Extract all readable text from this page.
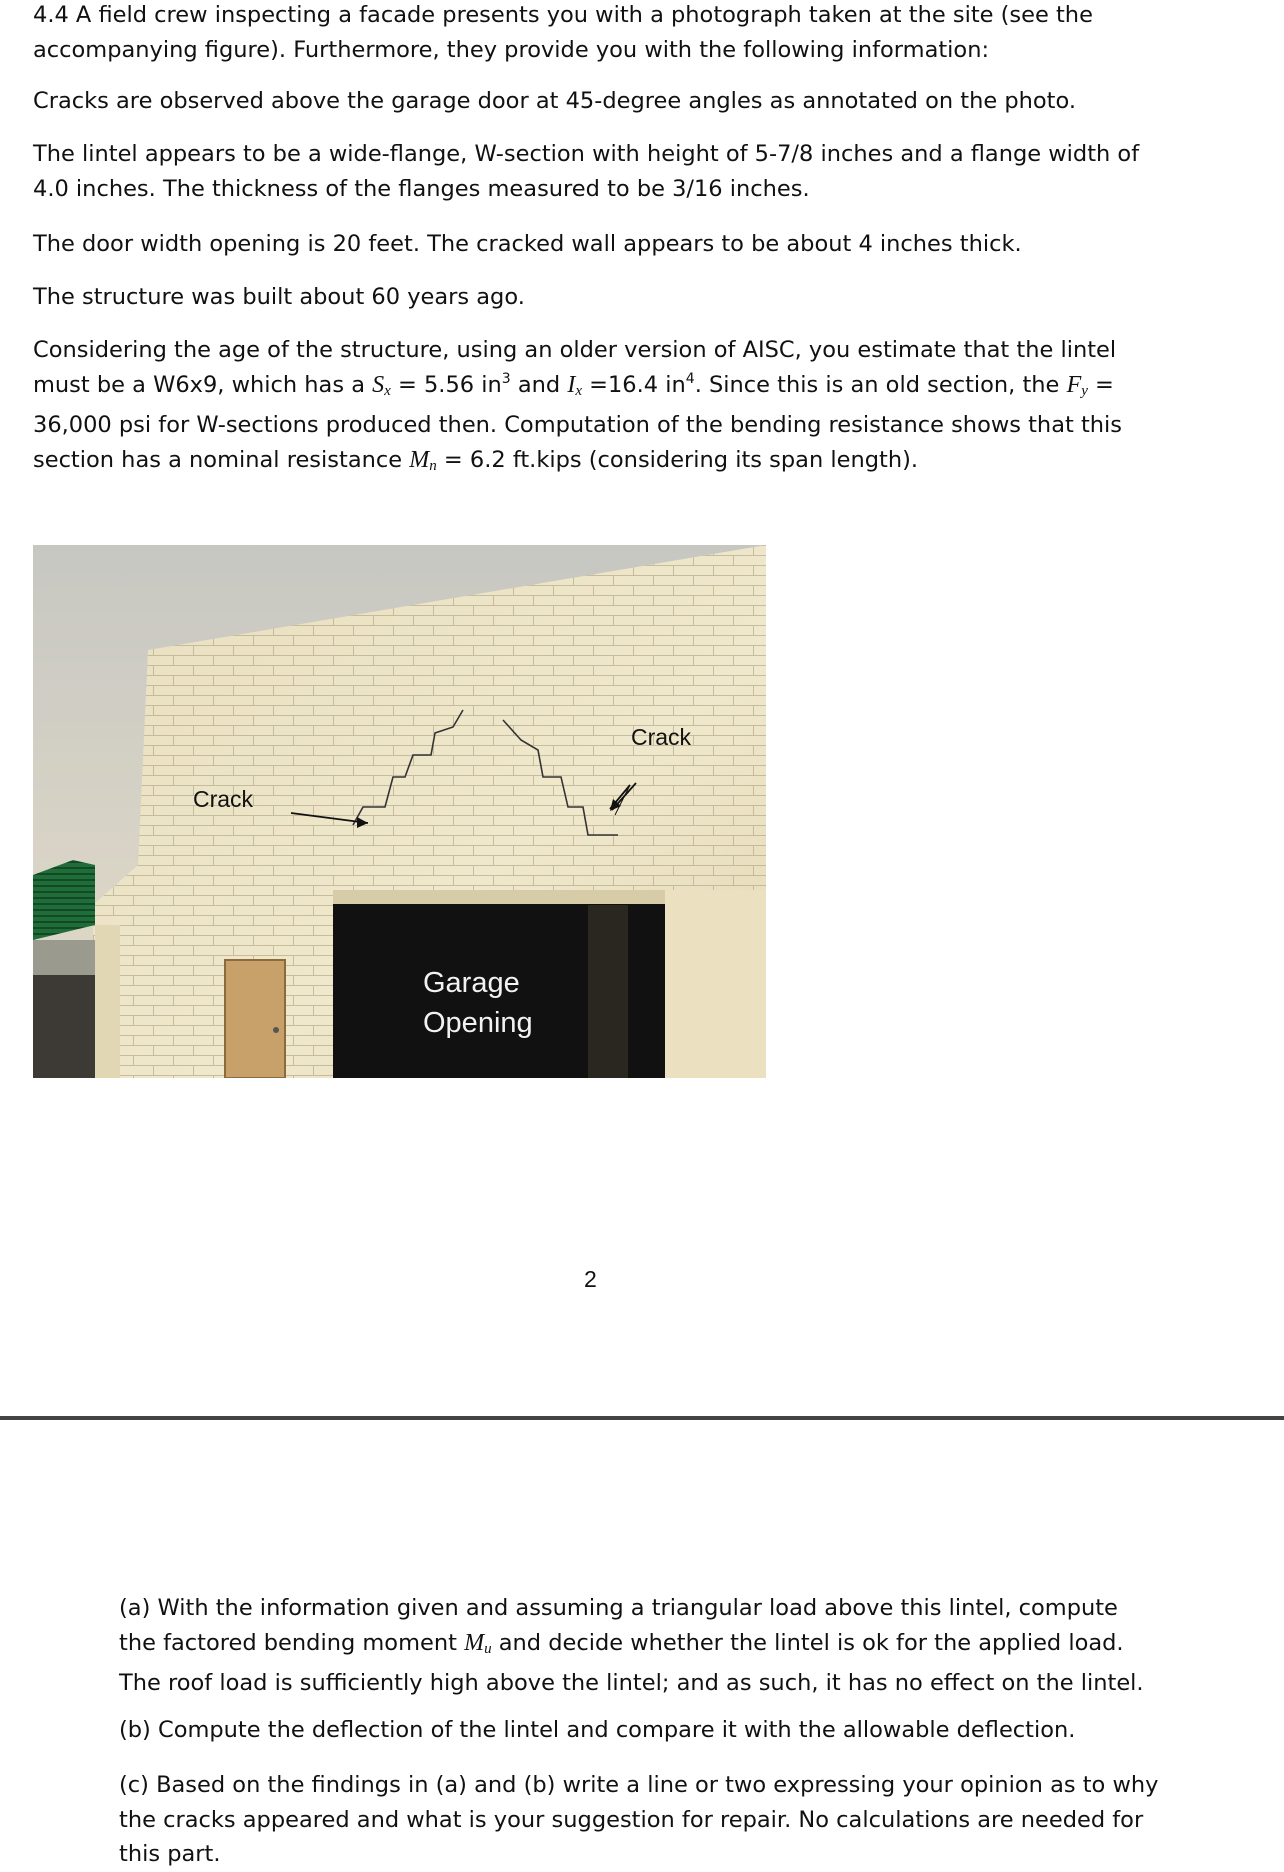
4.4 A field crew inspecting a facade presents you with a photograph taken at the site (see the accompanying figure). Furthermore, they provide you with the following information:

Cracks are observed above the garage door at 45-degree angles as annotated on the photo.

The lintel appears to be a wide-flange, W-section with height of 5-7/8 inches and a flange width of 4.0 inches. The thickness of the flanges measured to be 3/16 inches.

The door width opening is 20 feet. The cracked wall appears to be about 4 inches thick.

The structure was built about 60 years ago.

Considering the age of the structure, using an older version of AISC, you estimate that the lintel must be a W6x9, which has a $S_x = 5.56$ $in^3$ and $I_x =16.4$ $in^4$. Since this is an old section, the $F_y = 36,000$ psi for W-sections produced then. Computation of the bending resistance shows that this section has a nominal resistance $M_n = 6.2$ ft.kips (considering its span length).

Crack
Crack
Garage
Opening
2

(a) With the information given and assuming a triangular load above this lintel, compute the factored bending moment $M_u$ and decide whether the lintel is ok for the applied load. The roof load is sufficiently high above the lintel; and as such, it has no effect on the lintel.

(b) Compute the deflection of the lintel and compare it with the allowable deflection.

(c) Based on the findings in (a) and (b) write a line or two expressing your opinion as to why the cracks appeared and what is your suggestion for repair. No calculations are needed for this part.
